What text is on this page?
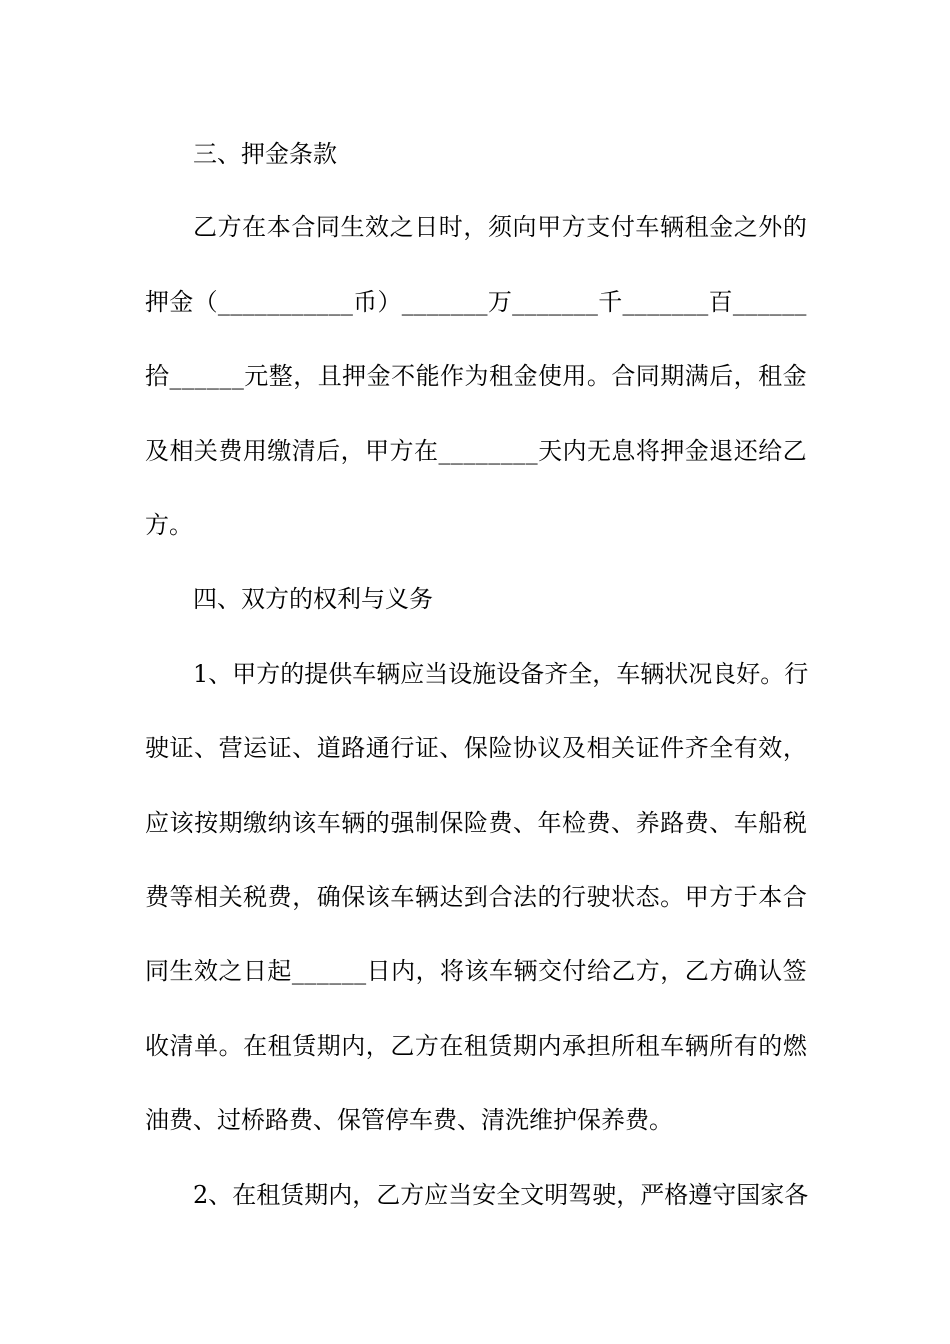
三、押金条款
乙 方 在 本 合 同 生 效 之 日 时 ， 须 向 甲 方 支 付 车 辆 租 金 之 外 的
押 金 （ _ _ _ _ _ _ _ _ _ _ _ 币 ） _ _ _ _ _ _ _ 万 _ _ _ _ _ _ _ 千 _ _ _ _ _ _ _ 百 _ _ _ _ _ _
拾 _ _ _ _ _ _ 元 整 ， 且 押 金 不 能 作 为 租 金 使 用 。 合 同 期 满 后 ， 租 金
及 相 关 费 用 缴 清 后 ， 甲 方 在 _ _ _ _ _ _ _ _ 天 内 无 息 将 押 金 退 还 给 乙
方。
四、双方的权利与义务
1 、 甲 方 的 提 供 车 辆 应 当 设 施 设 备 齐 全 ， 车 辆 状 况 良 好 。 行
驶 证 、 营 运 证 、 道 路 通 行 证 、 保 险 协 议 及 相 关 证 件 齐 全 有 效 ，
应 该 按 期 缴 纳 该 车 辆 的 强 制 保 险 费 、 年 检 费 、 养 路 费 、 车 船 税
费 等 相 关 税 费 ， 确 保 该 车 辆 达 到 合 法 的 行 驶 状 态 。 甲 方 于 本 合
同 生 效 之 日 起 _ _ _ _ _ _ 日 内 ， 将 该 车 辆 交 付 给 乙 方 ， 乙 方 确 认 签
收 清 单 。 在 租 赁 期 内 ， 乙 方 在 租 赁 期 内 承 担 所 租 车 辆 所 有 的 燃
油费、过桥路费、保管停车费、清洗维护保养费。
2 、 在 租 赁 期 内 ， 乙 方 应 当 安 全 文 明 驾 驶 ， 严 格 遵 守 国 家 各
